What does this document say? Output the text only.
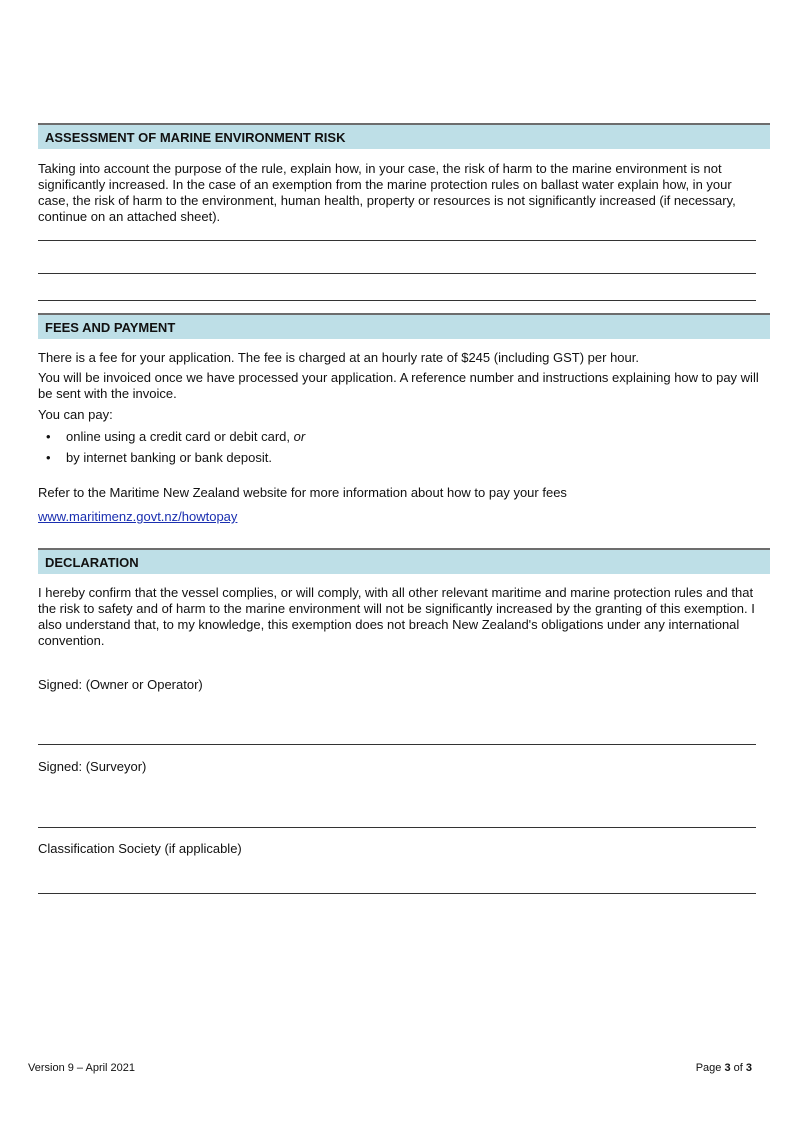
ASSESSMENT OF MARINE ENVIRONMENT RISK
Taking into account the purpose of the rule, explain how, in your case, the risk of harm to the marine environment is not significantly increased. In the case of an exemption from the marine protection rules on ballast water explain how, in your case, the risk of harm to the environment, human health, property or resources is not significantly increased (if necessary, continue on an attached sheet).
FEES AND PAYMENT
There is a fee for your application. The fee is charged at an hourly rate of $245 (including GST) per hour.
You will be invoiced once we have processed your application. A reference number and instructions explaining how to pay will be sent with the invoice.
You can pay:
• online using a credit card or debit card, or
• by internet banking or bank deposit.
Refer to the Maritime New Zealand website for more information about how to pay your fees
www.maritimenz.govt.nz/howtopay
DECLARATION
I hereby confirm that the vessel complies, or will comply, with all other relevant maritime and marine protection rules and that the risk to safety and of harm to the marine environment will not be significantly increased by the granting of this exemption. I also understand that, to my knowledge, this exemption does not breach New Zealand's obligations under any international convention.
Signed: (Owner or Operator)
Signed: (Surveyor)
Classification Society (if applicable)
Version 9 – April 2021	Page 3 of 3
